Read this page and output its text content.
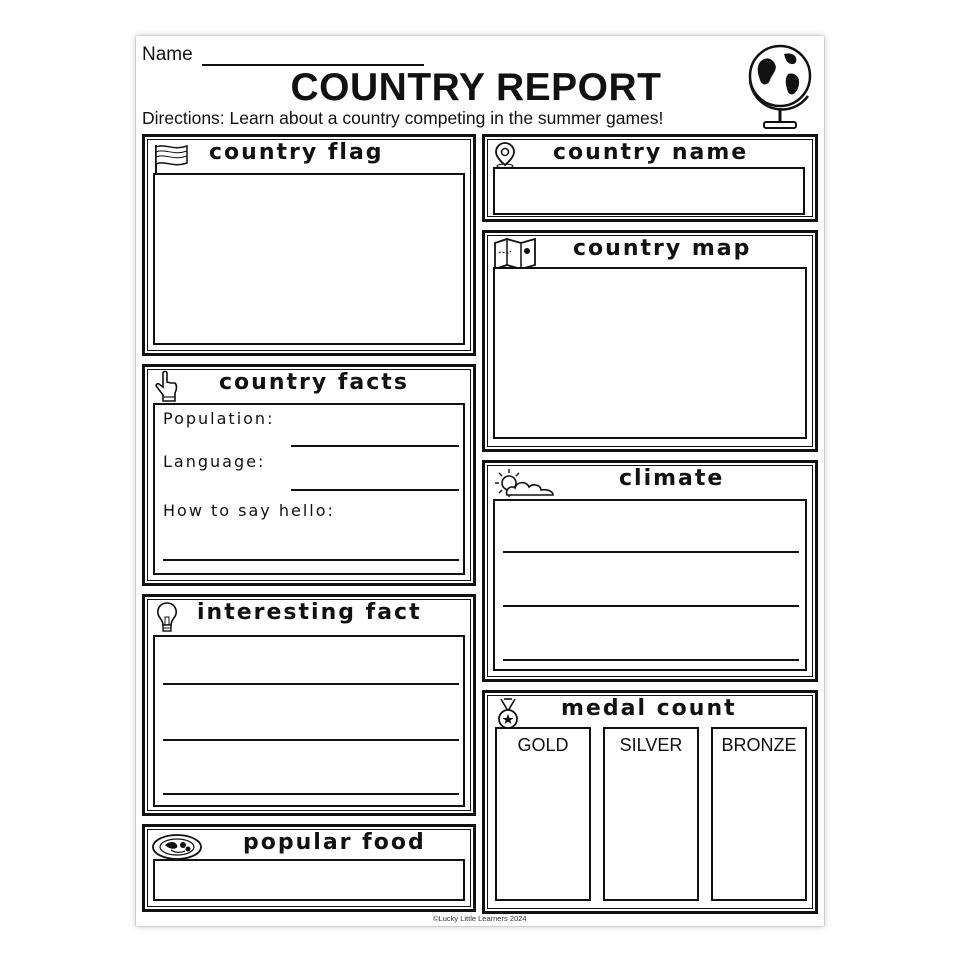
Name
COUNTRY REPORT
Directions: Learn about a country competing in the summer games!
country flag	country name
country map
country facts
Population:
Language:
How to say hello:
climate
interesting fact
medal count
GOLD	SILVER	BRONZE
popular food
©Lucky Little Learners 2024
